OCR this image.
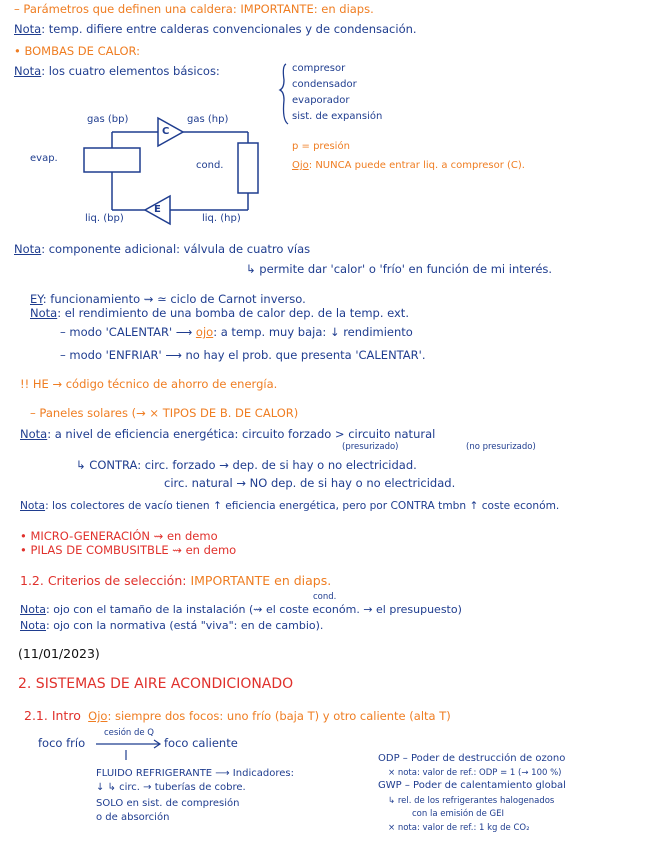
– Parámetros que definen una caldera: IMPORTANTE: en diaps.
Nota: temp. difiere entre calderas convencionales y de condensación.
• BOMBAS DE CALOR:
Nota: los cuatro elementos básicos:	compresor
condensador
evaporador
sist. de expansión
gas (bp)	gas (hp)
C
evap.
cond.
E
liq. (bp)	liq. (hp)
p = presión
Ojo: NUNCA puede entrar liq. a compresor (C).
Nota: componente adicional: válvula de cuatro vías
↳ permite dar 'calor' o 'frío' en función de mi interés.
EY: funcionamiento ⇝ ≃ ciclo de Carnot inverso.
Nota: el rendimiento de una bomba de calor dep. de la temp. ext.
– modo 'CALENTAR' ⟶ ojo: a temp. muy baja: ↓ rendimiento
– modo 'ENFRIAR' ⟶ no hay el prob. que presenta 'CALENTAR'.
!! HE → código técnico de ahorro de energía.
– Paneles solares (→ × TIPOS DE B. DE CALOR)
Nota: a nivel de eficiencia energética: circuito forzado > circuito natural
(presurizado)	(no presurizado)
↳ CONTRA: circ. forzado → dep. de si hay o no electricidad.
circ. natural → NO dep. de si hay o no electricidad.
Nota: los colectores de vacío tienen ↑ eficiencia energética, pero por CONTRA tmbn ↑ coste económ.
• MICRO-GENERACIÓN ⇝ en demo
• PILAS DE COMBUSITBLE ⇝ en demo
1.2. Criterios de selección: IMPORTANTE en diaps.
cond.
Nota: ojo con el tamaño de la instalación (⇝ el coste económ. → el presupuesto)
Nota: ojo con la normativa (está "viva": en de cambio).
(11/01/2023)
2. SISTEMAS DE AIRE ACONDICIONADO
2.1. Intro Ojo: siempre dos focos: uno frío (baja T) y otro caliente (alta T)
foco frío
cesión de Q
foco caliente
FLUIDO REFRIGERANTE ⟶ Indicadores:
↓ ↳ circ. → tuberías de cobre.
SOLO en sist. de compresión
o de absorción
ODP – Poder de destrucción de ozono
× nota: valor de ref.: ODP = 1 (→ 100 %)
GWP – Poder de calentamiento global
↳ rel. de los refrigerantes halogenados
con la emisión de GEI
× nota: valor de ref.: 1 kg de CO₂
